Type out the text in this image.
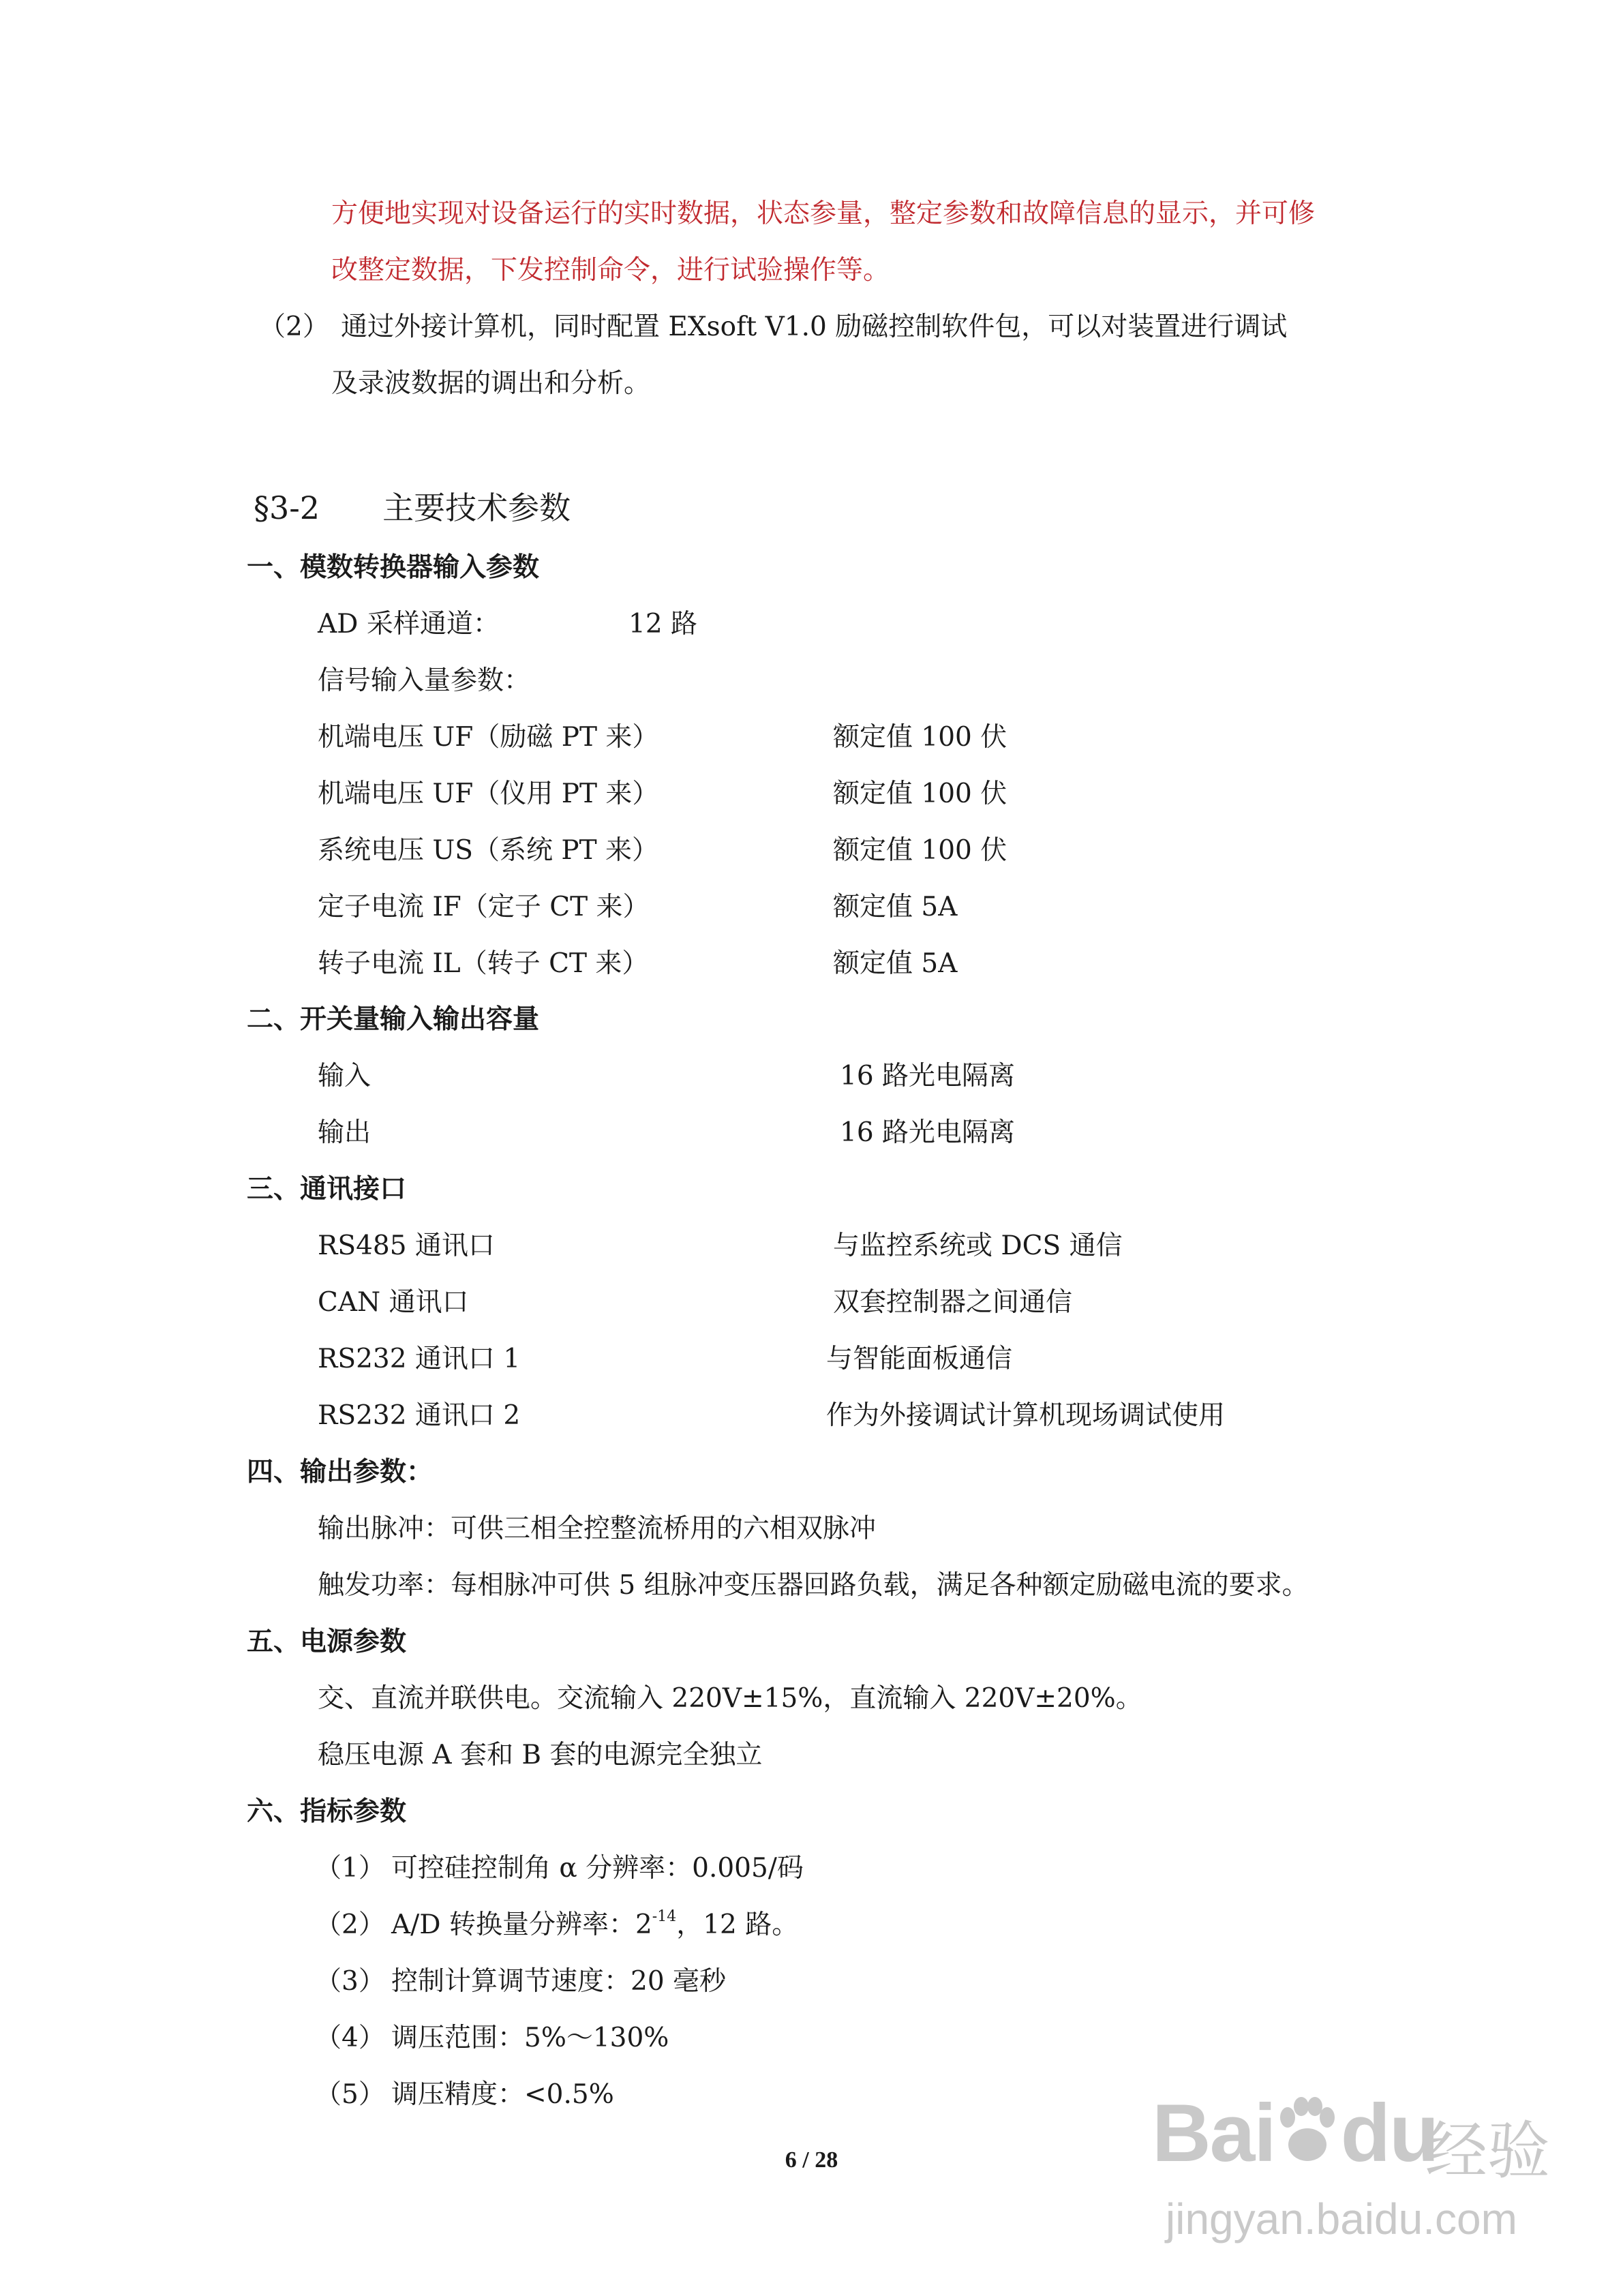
方便地实现对设备运行的实时数据，状态参量，整定参数和故障信息的显示，并可修
改整定数据，下发控制命令，进行试验操作等。
（2） 通过外接计算机，同时配置 EXsoft V1.0 励磁控制软件包，可以对装置进行调试
及录波数据的调出和分析。
§3-2　　主要技术参数
一、模数转换器输入参数
AD 采样通道：	12 路
信号输入量参数：
机端电压 UF（励磁 PT 来）	额定值 100 伏
机端电压 UF（仪用 PT 来）	额定值 100 伏
系统电压 US（系统 PT 来）	额定值 100 伏
定子电流 IF（定子 CT 来）	额定值 5A
转子电流 IL（转子 CT 来）	额定值 5A
二、开关量输入输出容量
输入	16 路光电隔离
输出	16 路光电隔离
三、通讯接口
RS485 通讯口	与监控系统或 DCS 通信
CAN 通讯口	双套控制器之间通信
RS232 通讯口 1	与智能面板通信
RS232 通讯口 2	作为外接调试计算机现场调试使用
四、输出参数：
输出脉冲：可供三相全控整流桥用的六相双脉冲
触发功率：每相脉冲可供 5 组脉冲变压器回路负载，满足各种额定励磁电流的要求。
五、电源参数
交、直流并联供电。交流输入 220V±15%，直流输入 220V±20%。
稳压电源 A 套和 B 套的电源完全独立
六、指标参数
（1） 可控硅控制角 α 分辨率：0.005/码
（2） A/D 转换量分辨率：$2^{-14}$，12 路。
（3） 控制计算调节速度：20 毫秒
（4） 调压范围：5%～130%
（5） 调压精度：<0.5%
6 / 28	Bai du
经验
jingyan.baidu.com
